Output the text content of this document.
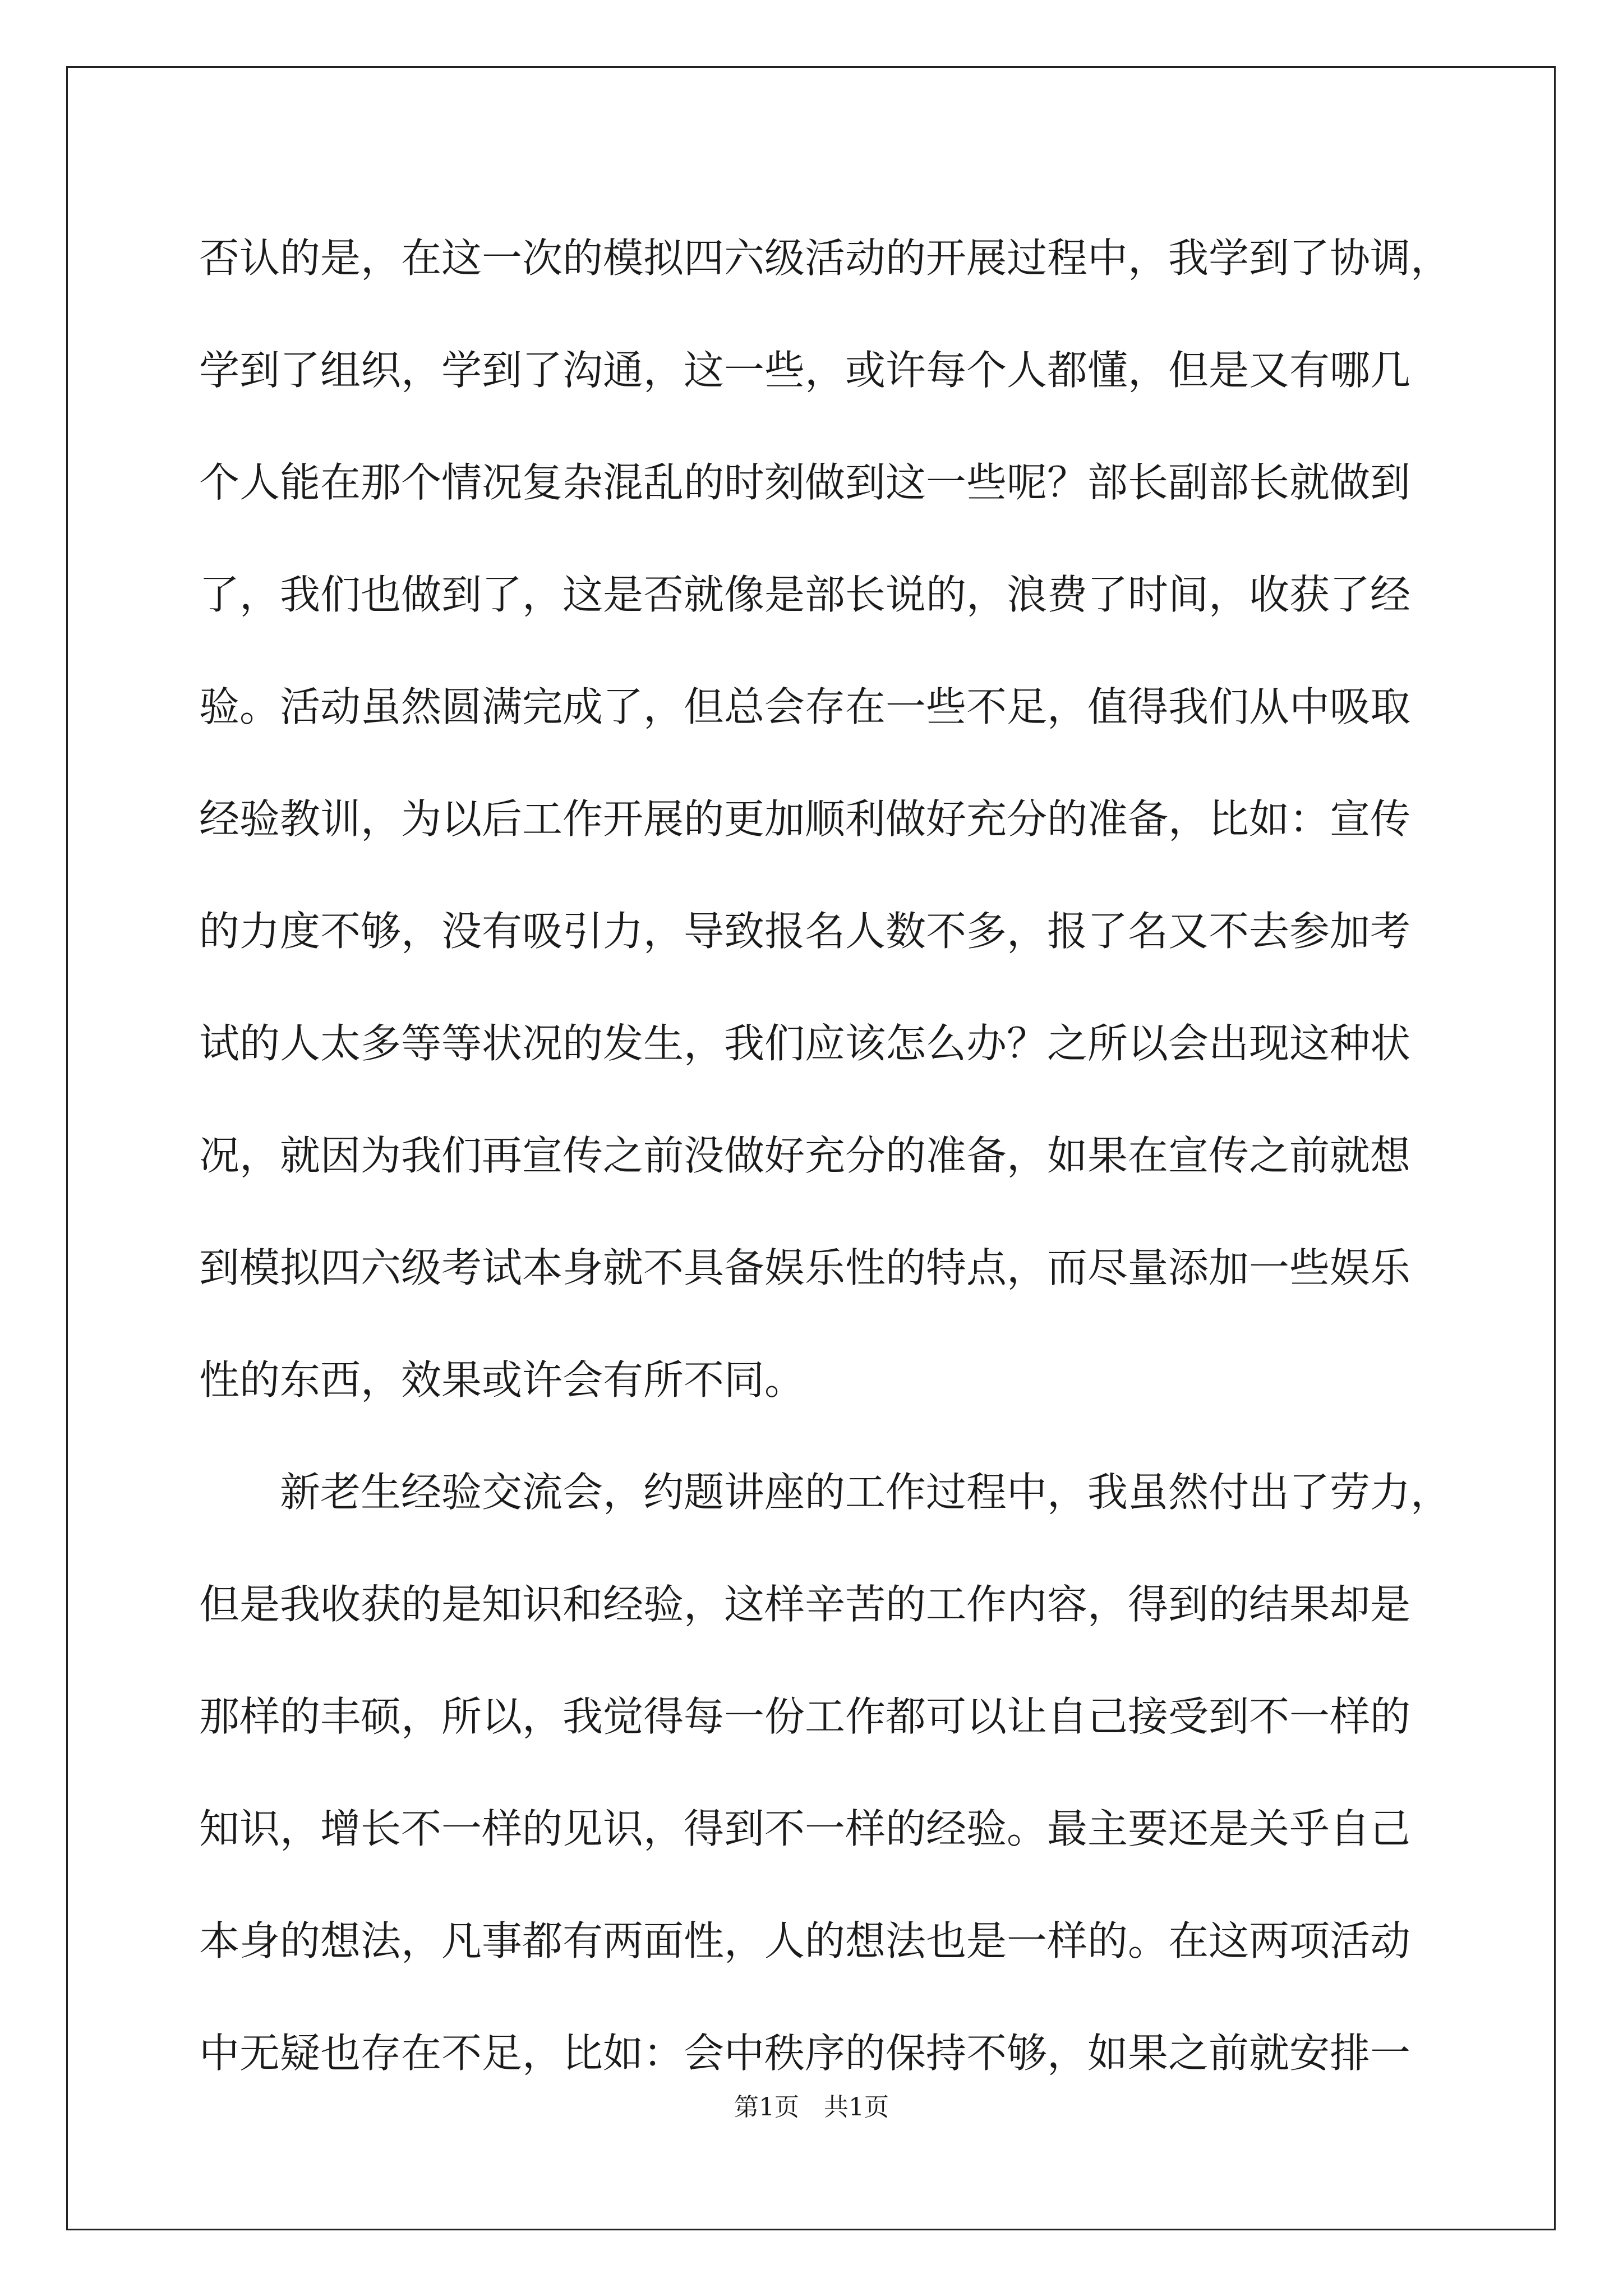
否认的是，在这一次的模拟四六级活动的开展过程中，我学到了协调，
学到了组织，学到了沟通，这一些，或许每个人都懂，但是又有哪几
个人能在那个情况复杂混乱的时刻做到这一些呢？部长副部长就做到
了，我们也做到了，这是否就像是部长说的，浪费了时间，收获了经
验。活动虽然圆满完成了，但总会存在一些不足，值得我们从中吸取
经验教训，为以后工作开展的更加顺利做好充分的准备，比如：宣传
的力度不够，没有吸引力，导致报名人数不多，报了名又不去参加考
试的人太多等等状况的发生，我们应该怎么办？之所以会出现这种状
况，就因为我们再宣传之前没做好充分的准备，如果在宣传之前就想
到模拟四六级考试本身就不具备娱乐性的特点，而尽量添加一些娱乐
性的东西，效果或许会有所不同。
新老生经验交流会，约题讲座的工作过程中，我虽然付出了劳力，
但是我收获的是知识和经验，这样辛苦的工作内容，得到的结果却是
那样的丰硕，所以，我觉得每一份工作都可以让自己接受到不一样的
知识，增长不一样的见识，得到不一样的经验。最主要还是关乎自己
本身的想法，凡事都有两面性，人的想法也是一样的。在这两项活动
中无疑也存在不足，比如：会中秩序的保持不够，如果之前就安排一
第1页 共1页
